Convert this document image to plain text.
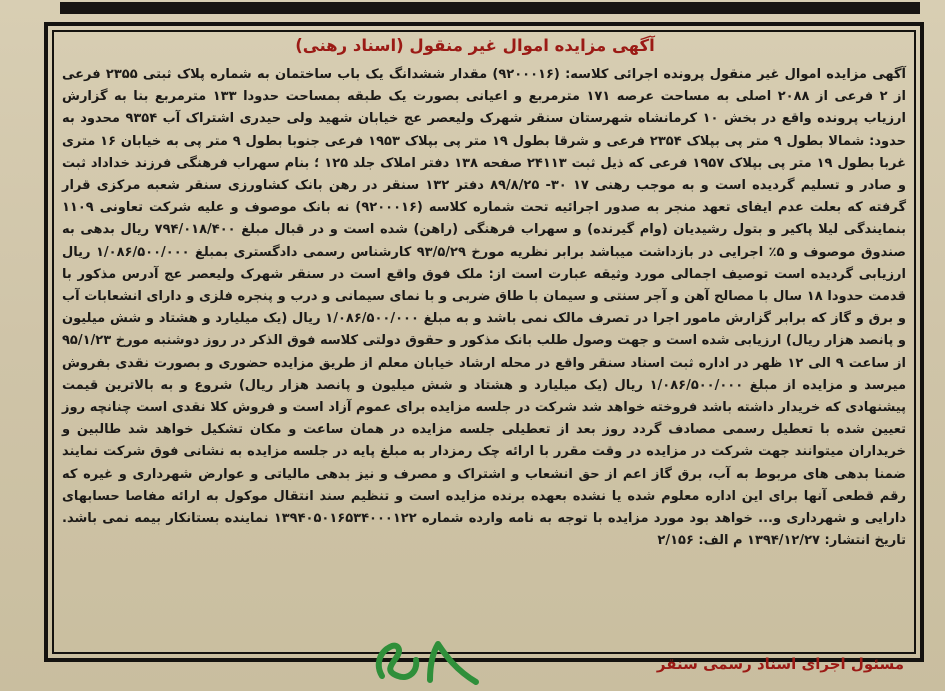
آگهی مزایده اموال غیر منقول (اسناد رهنی)

آگهی مزایده اموال غیر منقول پرونده اجرائی کلاسه: (۹۲۰۰۰۱۶) مقدار ششدانگ یک باب ساختمان به شماره پلاک ثبتی ۲۳۵۵ فرعی از ۲ فرعی از ۲۰۸۸ اصلی به مساحت عرصه ۱۷۱ مترمربع و اعیانی بصورت یک طبقه بمساحت حدودا ۱۳۳ مترمربع بنا به گزارش ارزیاب پرونده واقع در بخش ۱۰ کرمانشاه شهرستان سنقر شهرک ولیعصر عج خیابان شهید ولی حیدری اشتراک آب ۹۳۵۴ محدود به حدود: شمالا بطول ۹ متر پی بپلاک ۲۳۵۴ فرعی و شرقا بطول ۱۹ متر پی بپلاک ۱۹۵۳ فرعی جنوبا بطول ۹ متر پی به خیابان ۱۶ متری غربا بطول ۱۹ متر پی بپلاک ۱۹۵۷ فرعی که ذیل ثبت ۲۴۱۱۳ صفحه ۱۳۸ دفتر املاک جلد ۱۲۵ ؛ بنام سهراب فرهنگی فرزند خداداد ثبت و صادر و تسلیم گردیده است و به موجب رهنی ۱۷ ۳۰- ۸۹/۸/۲۵ دفتر ۱۳۲ سنقر در رهن بانک کشاورزی سنقر شعبه مرکزی قرار گرفته که بعلت عدم ایفای تعهد منجر به صدور اجرائیه تحت شماره کلاسه (۹۲۰۰۰۱۶) نه بانک موصوف و علیه شرکت تعاونی ۱۱۰۹ بنمایندگی لیلا پاکیر و بتول رشیدیان (وام گیرنده) و سهراب فرهنگی (راهن) شده است و در قبال مبلغ ۷۹۴/۰۱۸/۴۰۰ ریال بدهی به صندوق موصوف و ۵٪ اجرایی در بازداشت میباشد برابر نظریه مورخ ۹۳/۵/۲۹ کارشناس رسمی دادگستری بمبلغ ۱/۰۸۶/۵۰۰/۰۰۰ ریال ارزیابی گردیده است توصیف اجمالی مورد وثیقه عبارت است از: ملک فوق واقع است در سنقر شهرک ولیعصر عج آدرس مذکور با قدمت حدودا ۱۸ سال با مصالح آهن و آجر سنتی و سیمان با طاق ضربی و با نمای سیمانی و درب و پنجره فلزی و دارای انشعابات آب و برق و گاز که برابر گزارش مامور اجرا در تصرف مالک نمی باشد و به مبلغ ۱/۰۸۶/۵۰۰/۰۰۰ ریال (یک میلیارد و هشتاد و شش میلیون و پانصد هزار ریال) ارزیابی شده است و جهت وصول طلب بانک مذکور و حقوق دولتی کلاسه فوق الذکر در روز دوشنبه مورخ ۹۵/۱/۲۳ از ساعت ۹ الی ۱۲ ظهر در اداره ثبت اسناد سنقر واقع در محله ارشاد خیابان معلم از طریق مزایده حضوری و بصورت نقدی بفروش میرسد و مزایده از مبلغ ۱/۰۸۶/۵۰۰/۰۰۰ ریال (یک میلیارد و هشتاد و شش میلیون و پانصد هزار ریال) شروع و به بالاترین قیمت پیشنهادی که خریدار داشته باشد فروخته خواهد شد شرکت در جلسه مزایده برای عموم آزاد است و فروش کلا نقدی است چنانچه روز تعیین شده با تعطیل رسمی مصادف گردد روز بعد از تعطیلی جلسه مزایده در همان ساعت و مکان تشکیل خواهد شد طالبین و خریداران میتوانند جهت شرکت در مزایده در وقت مقرر با ارائه چک رمزدار به مبلغ پایه در جلسه مزایده به نشانی فوق شرکت نمایند ضمنا بدهی های مربوط به آب، برق گاز اعم از حق انشعاب و اشتراک و مصرف و نیز بدهی مالیاتی و عوارض شهرداری و غیره که رقم قطعی آنها برای این اداره معلوم شده یا نشده بعهده برنده مزایده است و تنظیم سند انتقال موکول به ارائه مفاصا حسابهای دارایی و شهرداری و... خواهد بود مورد مزایده با توجه به نامه وارده شماره ۱۳۹۴۰۵۰۱۶۵۳۴۰۰۰۱۲۲ نماینده بستانکار بیمه نمی باشد. تاریخ انتشار: ۱۳۹۴/۱۲/۲۷ م الف: ۲/۱۵۶

مسئول اجرای اسناد رسمی سنقر
